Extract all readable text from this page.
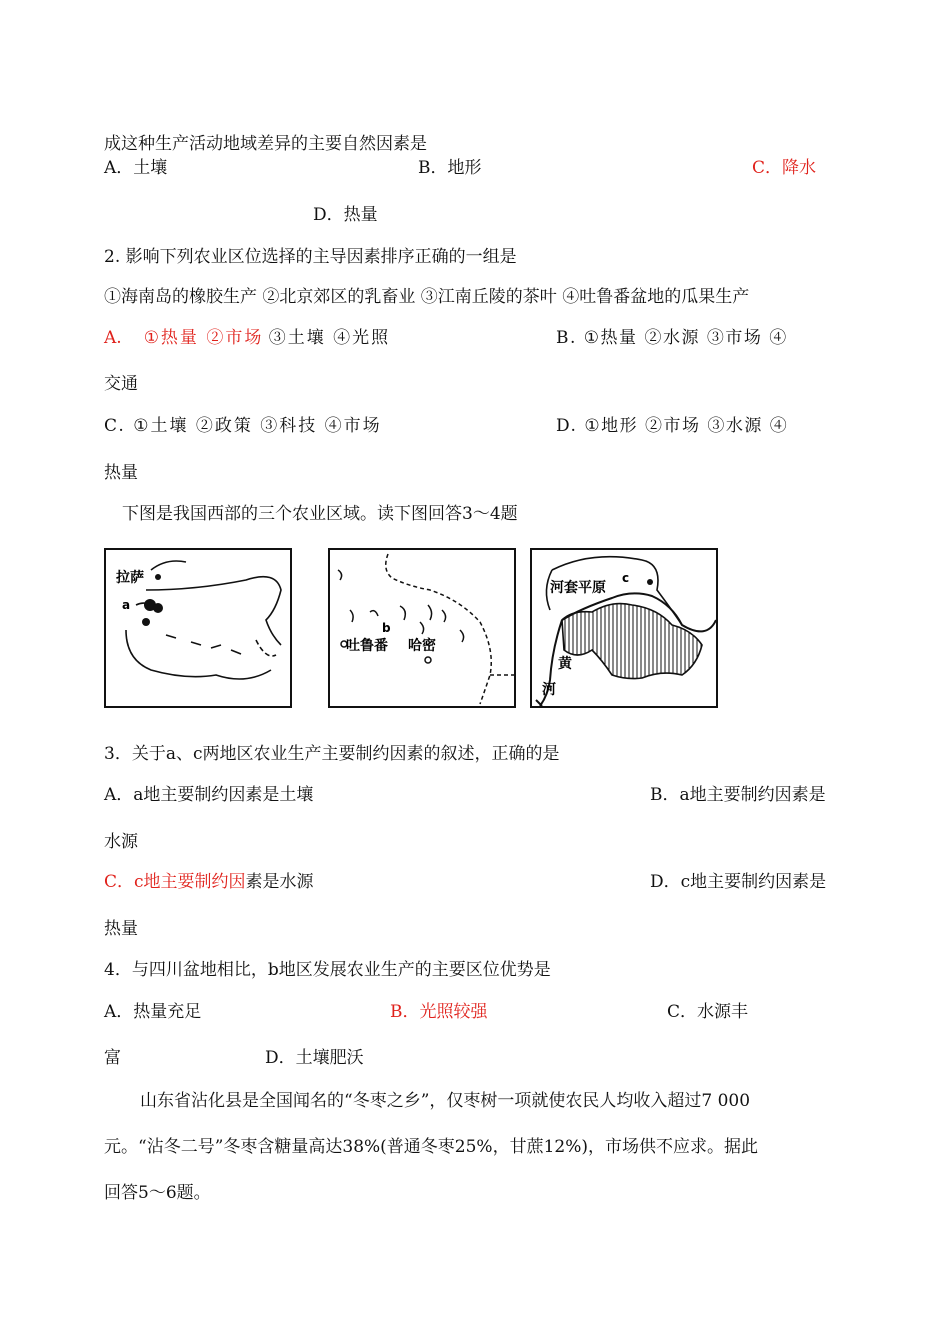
成这种生产活动地域差异的主要自然因素是
A．土壤	B．地形	C．降水
D．热量
2. 影响下列农业区位选择的主导因素排序正确的一组是
①海南岛的橡胶生产 ②北京郊区的乳畜业 ③江南丘陵的茶叶 ④吐鲁番盆地的瓜果生产
A. ①热量 ②市场 ③土壤 ④光照	B. ①热量 ②水源 ③市场 ④
交通
C. ①土壤 ②政策 ③科技 ④市场	D. ①地形 ②市场 ③水源 ④
热量
下图是我国西部的三个农业区域。读下图回答3～4题
拉萨
a
b
吐鲁番 哈密
河套平原
c
黄
河
3．关于a、c两地区农业生产主要制约因素的叙述，正确的是
A．a地主要制约因素是土壤	B．a地主要制约因素是
水源
C．c地主要制约因素是水源	D．c地主要制约因素是
热量
4．与四川盆地相比，b地区发展农业生产的主要区位优势是
A．热量充足	B．光照较强	C．水源丰
富	D．土壤肥沃
山东省沾化县是全国闻名的“冬枣之乡”，仅枣树一项就使农民人均收入超过7 000
元。“沾冬二号”冬枣含糖量高达38%(普通冬枣25%，甘蔗12%)，市场供不应求。据此
回答5～6题。
